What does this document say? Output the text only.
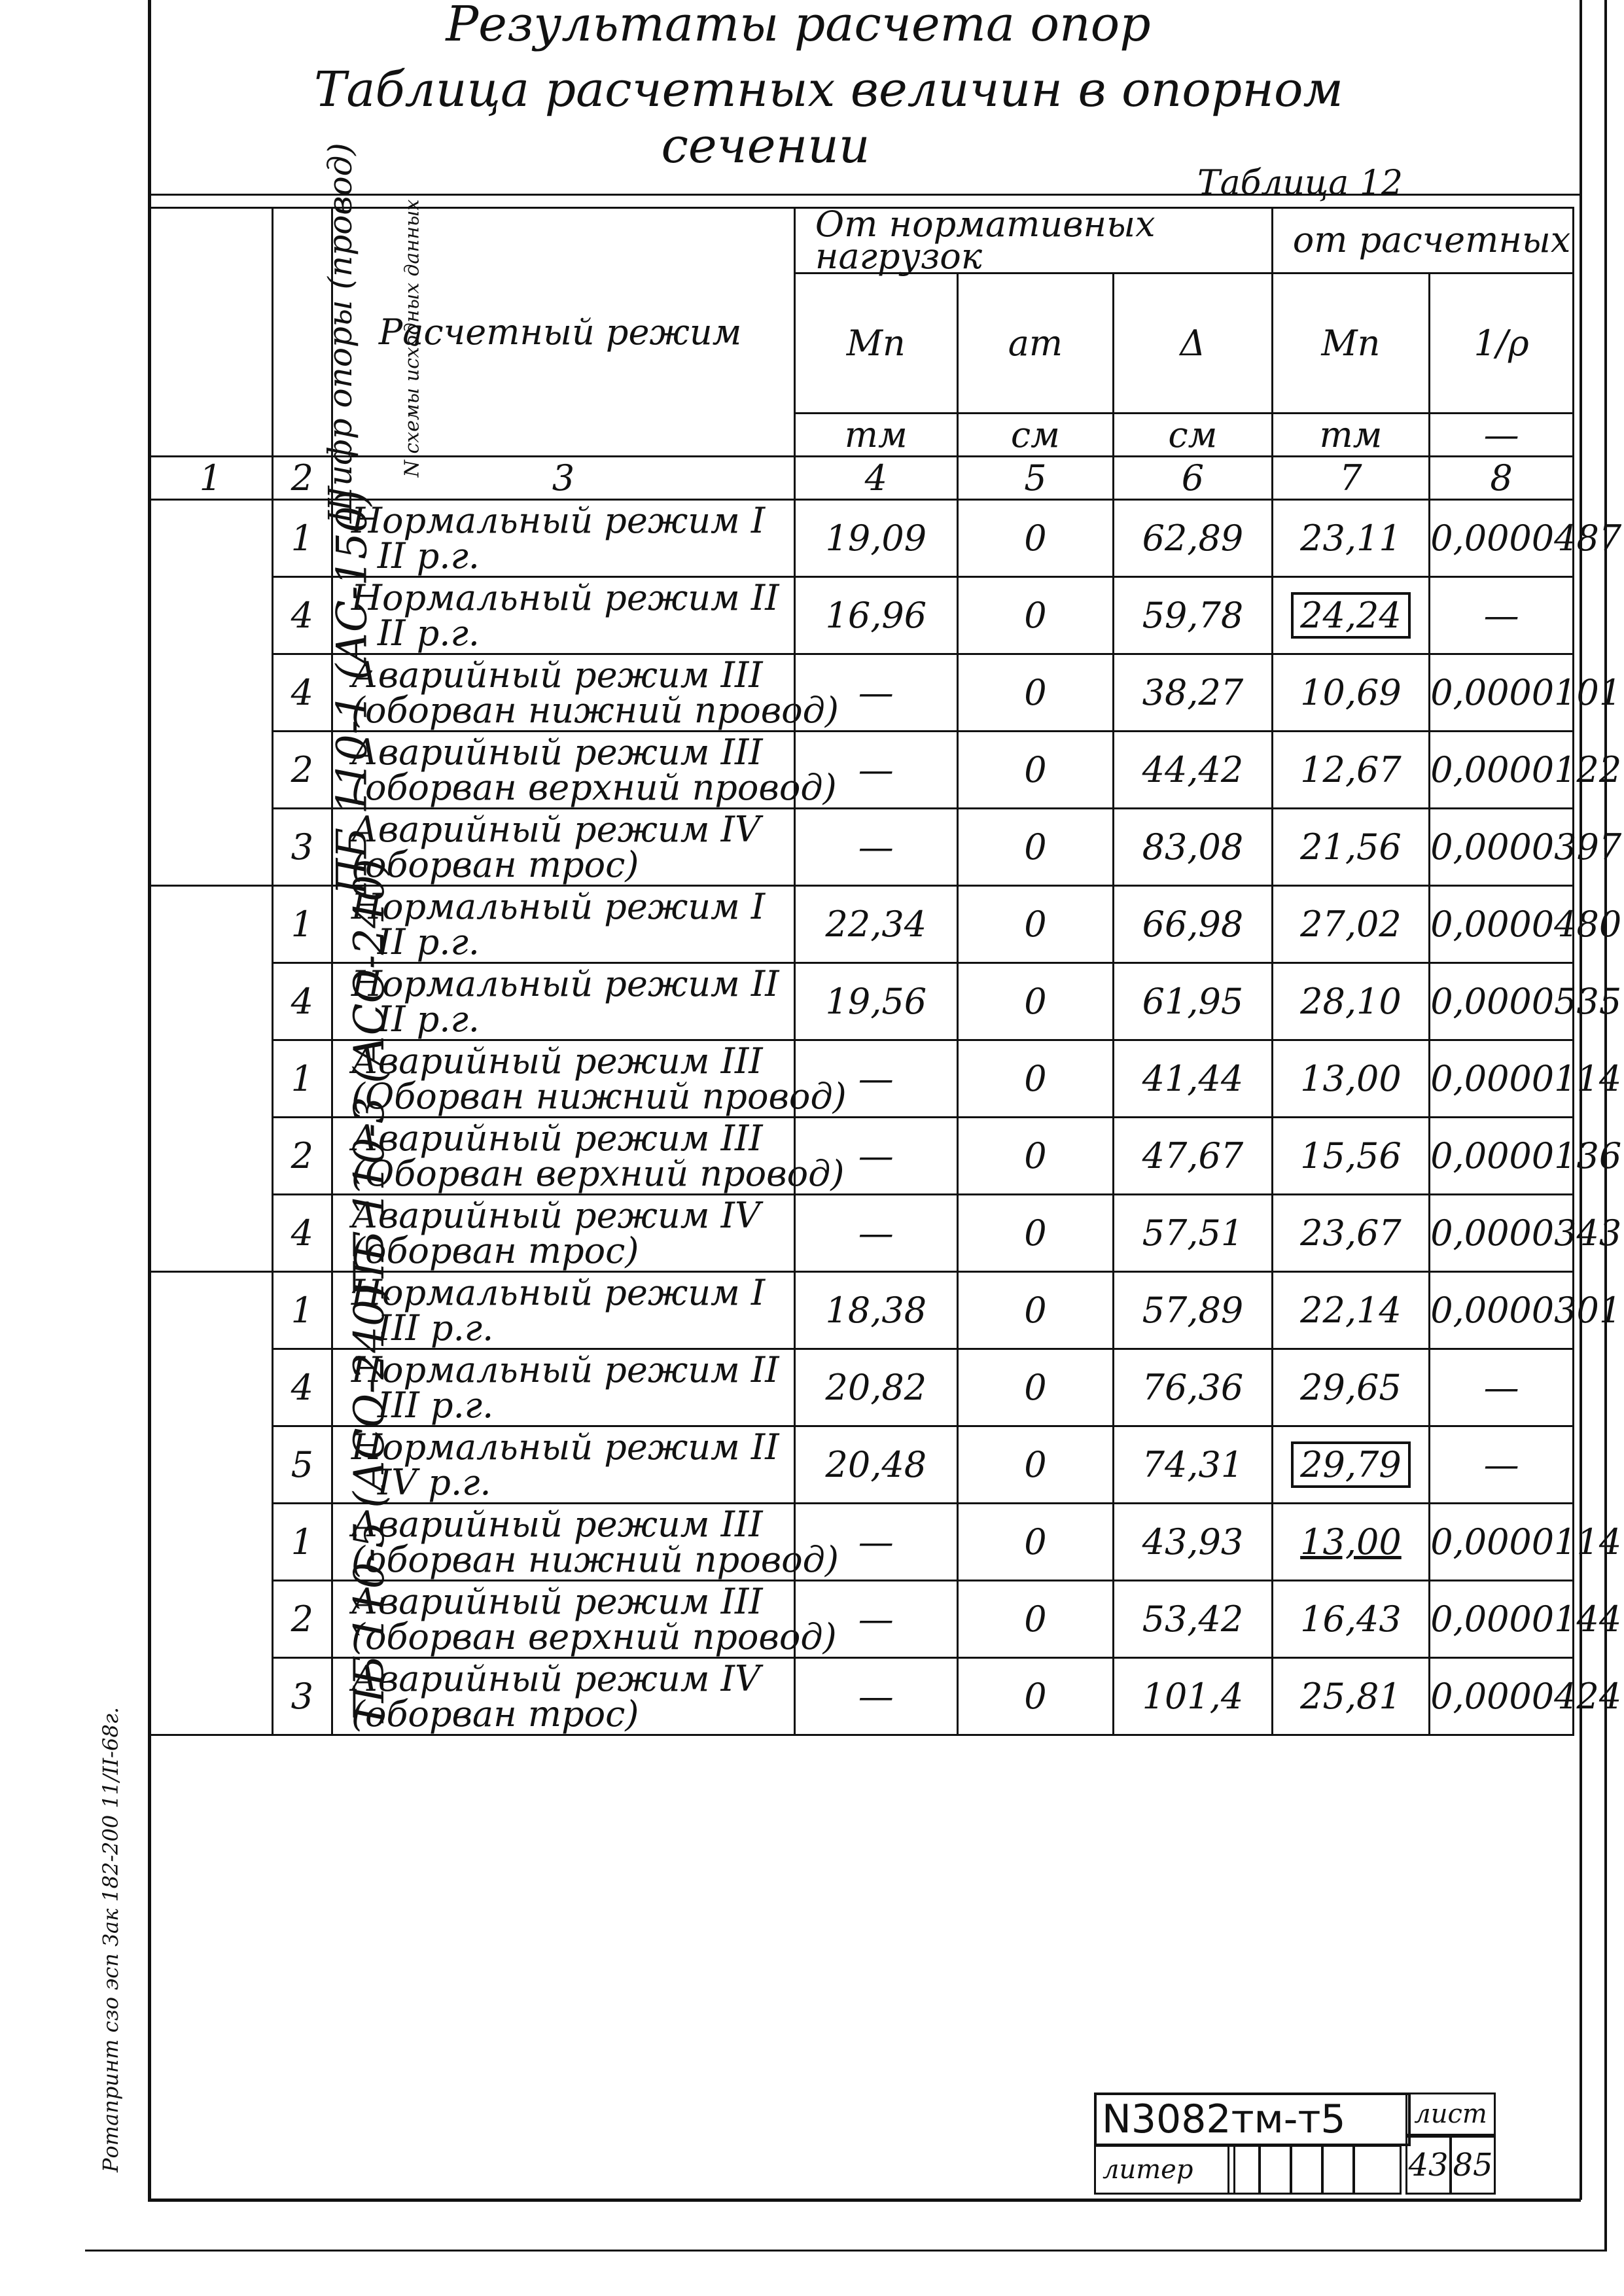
Результаты расчета опор
Таблица расчетных величин в опорном
сечении
Таблица 12
Шифр опоры (провод)	N схемы исходных данных	Расчетный режим	От нормативных нагрузок			от расчетных	
			Мп	ат	Δ	Мп	1/ρ
			тм	см	см	тм	—
1	2	3	4	5	6	7	8
ПБ 110-1 (АС-150)	1	Нормальный режим I

II р.г.	19,09	0	62,89	23,11	0,0000487
	4	Нормальный режим II

II р.г.	16,96	0	59,78	24,24	—
	4	Аварийный режим III

(оборван нижний провод)	—	0	38,27	10,69	0,0000101
	2	Аварийный режим III

(оборван верхний провод)	—	0	44,42	12,67	0,0000122
	3	Аварийный режим IV

(оборван трос)	—	0	83,08	21,56	0,0000397
ПБ 110-3 (АСО-240)	1	Нормальный режим I

II р.г.	22,34	0	66,98	27,02	0,0000480
	4	Нормальный режим II

II р.г.	19,56	0	61,95	28,10	0,0000535
	1	Аварийный режим III

(Оборван нижний провод)	—	0	41,44	13,00	0,0000114
	2	Аварийный режим III

(Оборван верхний провод)	—	0	47,67	15,56	0,0000136
	4	Аварийный режим IV

(оборван трос)	—	0	57,51	23,67	0,0000343
ПБ 110-5 (АСО-240)	1	Нормальный режим I

III р.г.	18,38	0	57,89	22,14	0,0000301
	4	Нормальный режим II

III р.г.	20,82	0	76,36	29,65	—
	5	Нормальный режим II

IV р.г.	20,48	0	74,31	29,79	—
	1	Аварийный режим III

(оборван нижний провод)	—	0	43,93	13,00	0,0000114
	2	Аварийный режим III

(оборван верхний провод)	—	0	53,42	16,43	0,0000144
	3	Аварийный режим IV

(оборван трос)	—	0	101,4	25,81	0,0000424
N3082тм-т5	лист
литер	43 85
Ротапринт сзо эсп Зак 182-200 11/II-68г.
